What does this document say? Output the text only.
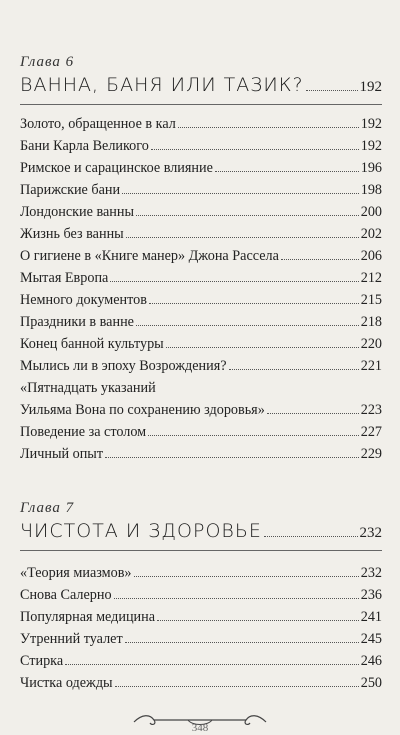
Глава 6
ВАННА, БАНЯ ИЛИ ТАЗИК?	192
Золото, обращенное в кал	192
Бани Карла Великого	192
Римское и сарацинское влияние	196
Парижские бани	198
Лондонские ванны	200
Жизнь без ванны	202
О гигиене в «Книге манер» Джона Рассела	206
Мытая Европа	212
Немного документов	215
Праздники в ванне	218
Конец банной культуры	220
Мылись ли в эпоху Возрождения?	221
«Пятнадцать указаний
Уильяма Вона по сохранению здоровья»	223
Поведение за столом	227
Личный опыт	229
Глава 7
ЧИСТОТА И ЗДОРОВЬЕ	232
«Теория миазмов»	232
Снова Салерно	236
Популярная медицина	241
Утренний туалет	245
Стирка	246
Чистка одежды	250
348
